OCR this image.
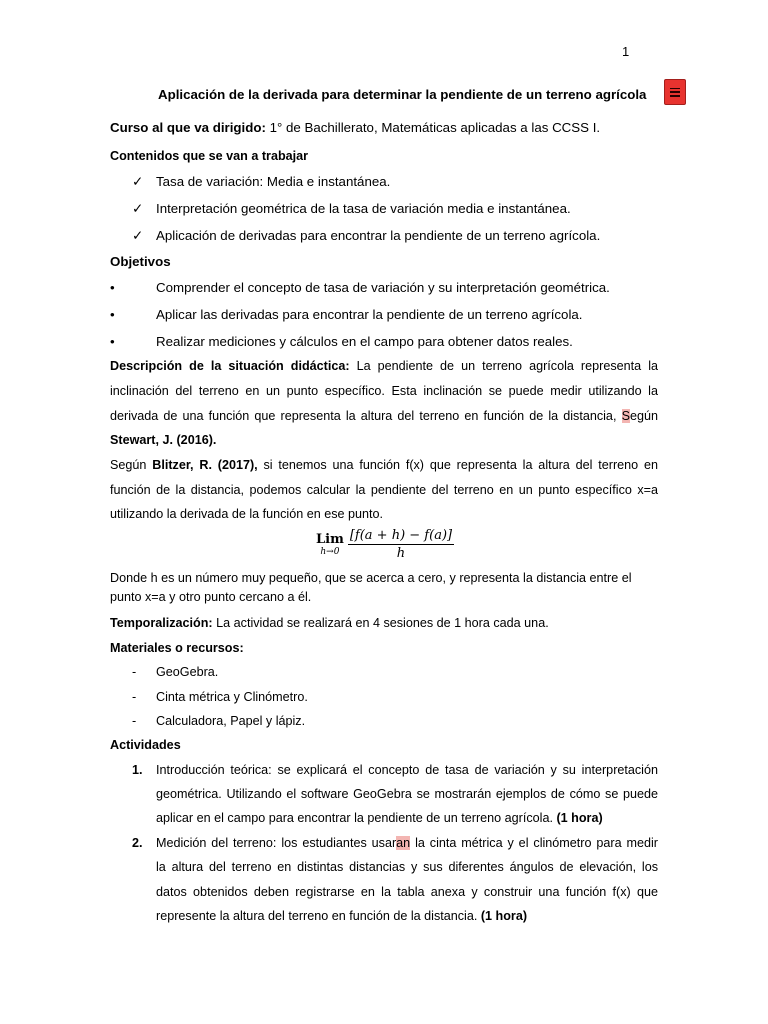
1
Aplicación de la derivada para determinar la pendiente de un terreno agrícola
Curso al que va dirigido: 1° de Bachillerato, Matemáticas aplicadas a las CCSS I.
Contenidos que se van a trabajar
✓ Tasa de variación: Media e instantánea.
✓ Interpretación geométrica de la tasa de variación media e instantánea.
✓ Aplicación de derivadas para encontrar la pendiente de un terreno agrícola.
Objetivos
•	Comprender el concepto de tasa de variación y su interpretación geométrica.
•	Aplicar las derivadas para encontrar la pendiente de un terreno agrícola.
•	Realizar mediciones y cálculos en el campo para obtener datos reales.
Descripción de la situación didáctica: La pendiente de un terreno agrícola representa la
inclinación del terreno en un punto específico. Esta inclinación se puede medir utilizando la
derivada de una función que representa la altura del terreno en función de la distancia, Según
Stewart, J. (2016).
Según Blitzer, R. (2017), si tenemos una función f(x) que representa la altura del terreno en
función de la distancia, podemos calcular la pendiente del terreno en un punto específico x=a
utilizando la derivada de la función en ese punto.
Lim
$h\to 0 \frac{[f(a + h) - f(a)]}{h}$
Donde h es un número muy pequeño, que se acerca a cero, y representa la distancia entre el
punto x=a y otro punto cercano a él.
Temporalización: La actividad se realizará en 4 sesiones de 1 hora cada una.
Materiales o recursos:
- GeoGebra.
- Cinta métrica y Clinómetro.
- Calculadora, Papel y lápiz.
Actividades
1. Introducción teórica: se explicará el concepto de tasa de variación y su interpretación
geométrica. Utilizando el software GeoGebra se mostrarán ejemplos de cómo se puede
aplicar en el campo para encontrar la pendiente de un terreno agrícola. (1 hora)
2. Medición del terreno: los estudiantes usaran la cinta métrica y el clinómetro para medir
la altura del terreno en distintas distancias y sus diferentes ángulos de elevación, los
datos obtenidos deben registrarse en la tabla anexa y construir una función f(x) que
represente la altura del terreno en función de la distancia. (1 hora)
